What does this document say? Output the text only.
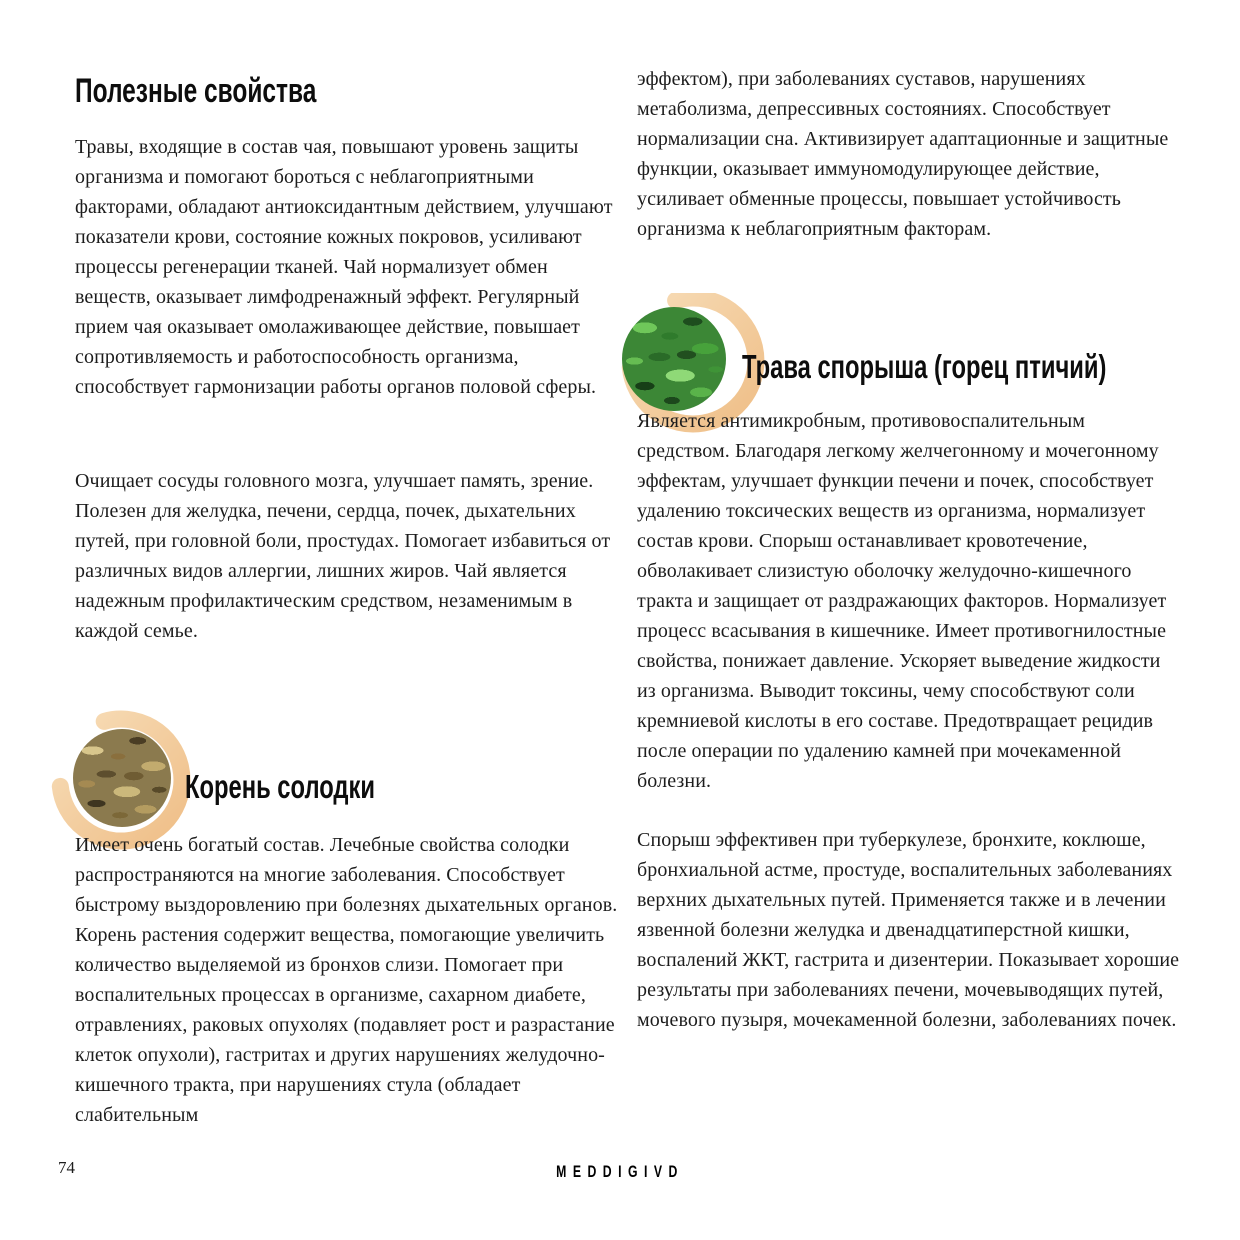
Полезные свойства
Травы, входящие в состав чая, повышают уровень защиты организма и помогают бороться с неблагоприятными факторами, обладают антиоксидантным действием, улучшают показатели крови, состояние кожных покровов, усиливают процессы регенерации тканей. Чай нормализует обмен веществ, оказывает лимфодренажный эффект. Регулярный прием чая оказывает омолаживающее действие, повышает сопротивляемость и работоспособность организма, способствует гармонизации работы органов половой сферы.
Очищает сосуды головного мозга, улучшает память, зрение. Полезен для желудка, печени, сердца, почек, дыхательних путей, при головной боли, простудах. Помогает избавиться от различных видов аллергии, лишних жиров. Чай является надежным профилактическим средством, незаменимым в каждой семье.
Корень солодки
Имеет очень богатый состав. Лечебные свойства солодки распространяются на многие заболевания. Способствует быстрому выздоровлению при болезнях дыхательных органов. Корень растения содержит вещества, помогающие увеличить количество выделяемой из бронхов слизи. Помогает при воспалительных процессах в организме, сахарном диабете, отравлениях, раковых опухолях (подавляет рост и разрастание клеток опухоли), гастритах и других нарушениях желудочно-кишечного тракта, при нарушениях стула (обладает слабительным
эффектом), при заболеваниях суставов, нарушениях метаболизма, депрессивных состояниях. Способствует нормализации сна. Активизирует адаптационные и защитные функции, оказывает иммуномодулирующее действие, усиливает обменные процессы, повышает устойчивость организма к неблагоприятным факторам.
Трава спорыша (горец птичий)
Является антимикробным, противовоспалительным средством. Благодаря легкому желчегонному и мочегонному эффектам, улучшает функции печени и почек, способствует удалению токсических веществ из организма, нормализует состав крови. Спорыш останавливает кровотечение, обволакивает слизистую оболочку желудочно-кишечного тракта и защищает от раздражающих факторов. Нормализует процесс всасывания в кишечнике. Имеет противогнилостные свойства, понижает давление. Ускоряет выведение жидкости из организма. Выводит токсины, чему способствуют соли кремниевой кислоты в его составе. Предотвращает рецидив после операции по удалению камней при мочекаменной болезни.
Спорыш эффективен при туберкулезе, бронхите, коклюше, бронхиальной астме, простуде, воспалительных заболеваниях верхних дыхательных путей. Применяется также и в лечении язвенной болезни желудка и двенадцатиперстной кишки, воспалений ЖКТ, гастрита и дизентерии. Показывает хорошие результаты при заболеваниях печени, мочевыводящих путей, мочевого пузыря, мочекаменной болезни, заболеваниях почек.
74	MEDDIGIVD
